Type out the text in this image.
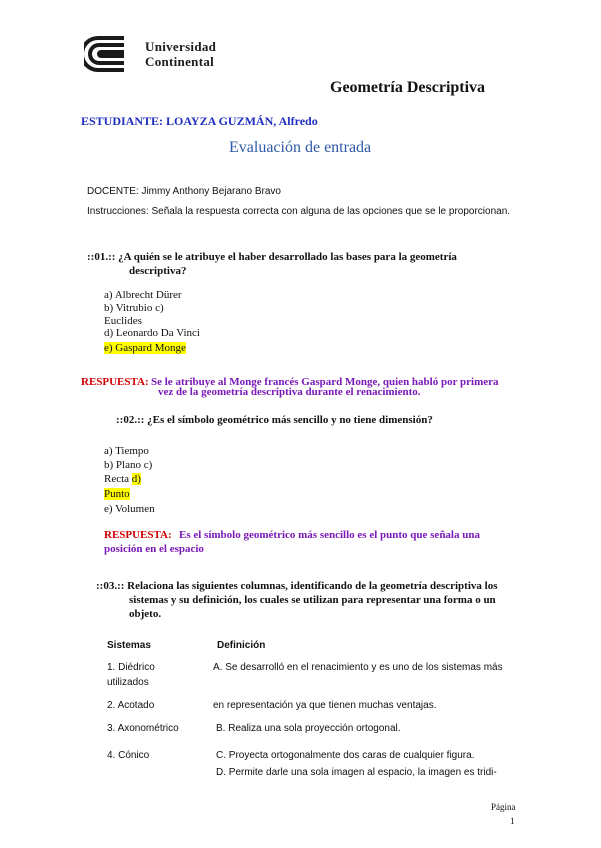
Universidad
Continental
Geometría Descriptiva
ESTUDIANTE: LOAYZA GUZMÁN, Alfredo
Evaluación de entrada
DOCENTE: Jimmy Anthony Bejarano Bravo
Instrucciones: Señala la respuesta correcta con alguna de las opciones que se le proporcionan.
::01.:: ¿A quién se le atribuye el haber desarrollado las bases para la geometría
descriptiva?
a) Albrecht Dürer
b) Vitrubio c)
Euclides
d) Leonardo Da Vinci
e) Gaspard Monge
RESPUESTA: Se le atribuye al Monge francés Gaspard Monge, quien habló por primera
vez de la geometría descriptiva durante el renacimiento.
::02.:: ¿Es el símbolo geométrico más sencillo y no tiene dimensión?
a) Tiempo
b) Plano c)
Recta d)
Punto
e) Volumen
RESPUESTA: Es el símbolo geométrico más sencillo es el punto que señala una
posición en el espacio
::03.:: Relaciona las siguientes columnas, identificando de la geometría descriptiva los
sistemas y su definición, los cuales se utilizan para representar una forma o un
objeto.
Sistemas	Definición
1. Diédrico
utilizados
2. Acotado
3. Axonométrico
4. Cónico
A. Se desarrolló en el renacimiento y es uno de los sistemas más
en representación ya que tienen muchas ventajas.
B. Realiza una sola proyección ortogonal.
C. Proyecta ortogonalmente dos caras de cualquier figura.
D. Permite darle una sola imagen al espacio, la imagen es tridi-
Página
1
